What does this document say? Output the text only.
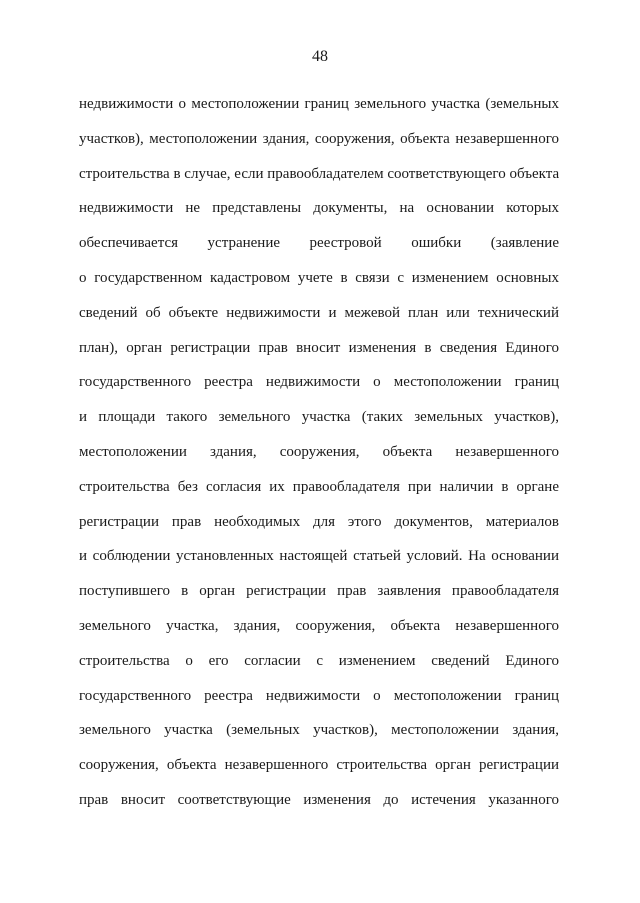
48
недвижимости о местоположении границ земельного участка (земельных
участков), местоположении здания, сооружения, объекта незавершенного
строительства в случае, если правообладателем соответствующего объекта
недвижимости не представлены документы, на основании которых
обеспечивается устранение реестровой ошибки (заявление
о государственном кадастровом учете в связи с изменением основных
сведений об объекте недвижимости и межевой план или технический
план), орган регистрации прав вносит изменения в сведения Единого
государственного реестра недвижимости о местоположении границ
и площади такого земельного участка (таких земельных участков),
местоположении здания, сооружения, объекта незавершенного
строительства без согласия их правообладателя при наличии в органе
регистрации прав необходимых для этого документов, материалов
и соблюдении установленных настоящей статьей условий. На основании
поступившего в орган регистрации прав заявления правообладателя
земельного участка, здания, сооружения, объекта незавершенного
строительства о его согласии с изменением сведений Единого
государственного реестра недвижимости о местоположении границ
земельного участка (земельных участков), местоположении здания,
сооружения, объекта незавершенного строительства орган регистрации
прав вносит соответствующие изменения до истечения указанного
